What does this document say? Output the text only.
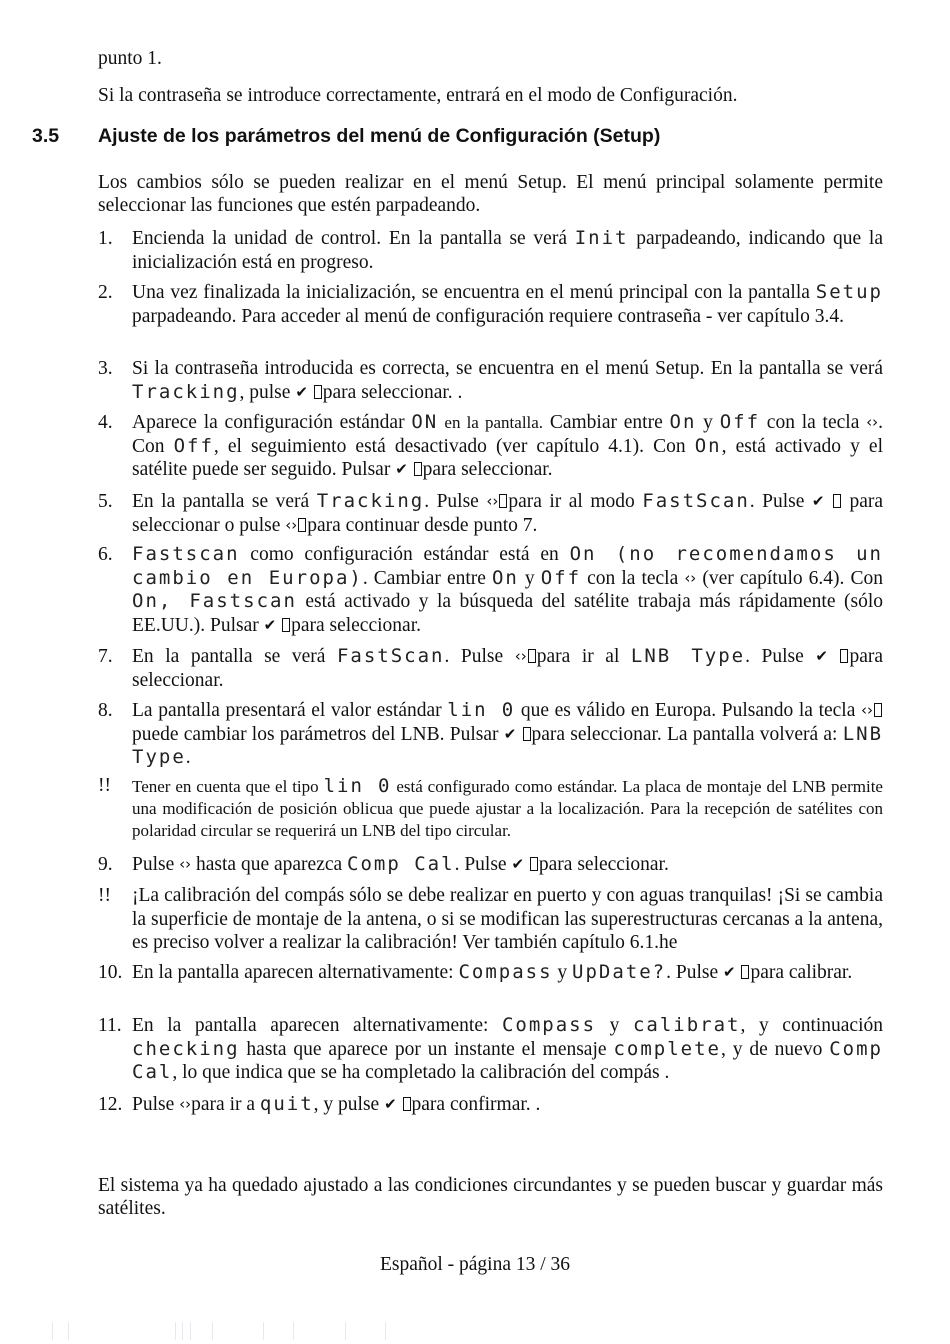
punto 1.
Si la contraseña se introduce correctamente, entrará en el modo de Configuración.
3.5 Ajuste de los parámetros del menú de Configuración (Setup)
Los cambios sólo se pueden realizar en el menú Setup. El menú principal solamente permite seleccionar las funciones que estén parpadeando.
1. Encienda la unidad de control. En la pantalla se verá Init parpadeando, indicando que la inicialización está en progreso.
2. Una vez finalizada la inicialización, se encuentra en el menú principal con la pantalla Setup parpadeando. Para acceder al menú de configuración requiere contraseña - ver capítulo 3.4.
3. Si la contraseña introducida es correcta, se encuentra en el menú Setup. En la pantalla se verá Tracking, pulse ✔ para seleccionar. .
4. Aparece la configuración estándar ON en la pantalla. Cambiar entre On y Off con la tecla ‹›. Con Off, el seguimiento está desactivado (ver capítulo 4.1). Con On, está activado y el satélite puede ser seguido. Pulsar ✔ para seleccionar.
5. En la pantalla se verá Tracking. Pulse ‹› para ir al modo FastScan. Pulse ✔ para seleccionar o pulse ‹› para continuar desde punto 7.
6. Fastscan como configuración estándar está en On (no recomendamos un cambio en Europa). Cambiar entre On y Off con la tecla ‹› (ver capítulo 6.4). Con On, Fastscan está activado y la búsqueda del satélite trabaja más rápidamente (sólo EE.UU.). Pulsar ✔ para seleccionar.
7. En la pantalla se verá FastScan. Pulse ‹› para ir al LNB Type. Pulse ✔ para seleccionar.
8. La pantalla presentará el valor estándar lin 0 que es válido en Europa. Pulsando la tecla ‹›puede cambiar los parámetros del LNB. Pulsar ✔ para seleccionar. La pantalla volverá a: LNB Type.
!! Tener en cuenta que el tipo lin 0 está configurado como estándar. La placa de montaje del LNB permite una modificación de posición oblicua que puede ajustar a la localización. Para la recepción de satélites con polaridad circular se requerirá un LNB del tipo circular.
9. Pulse ‹› hasta que aparezca Comp Cal. Pulse ✔ para seleccionar.
!! ¡La calibración del compás sólo se debe realizar en puerto y con aguas tranquilas! ¡Si se cambia la superficie de montaje de la antena, o si se modifican las superestructuras cercanas a la antena, es preciso volver a realizar la calibración! Ver también capítulo 6.1.he
10. En la pantalla aparecen alternativamente: Compass y UpDate?. Pulse ✔ para calibrar.
11. En la pantalla aparecen alternativamente: Compass y calibrat, y continuación checking hasta que aparece por un instante el mensaje complete, y de nuevo Comp Cal, lo que indica que se ha completado la calibración del compás .
12. Pulse ‹›para ir a quit, y pulse ✔ para confirmar. .
El sistema ya ha quedado ajustado a las condiciones circundantes y se pueden buscar y guardar más satélites.
Español - página 13 / 36
